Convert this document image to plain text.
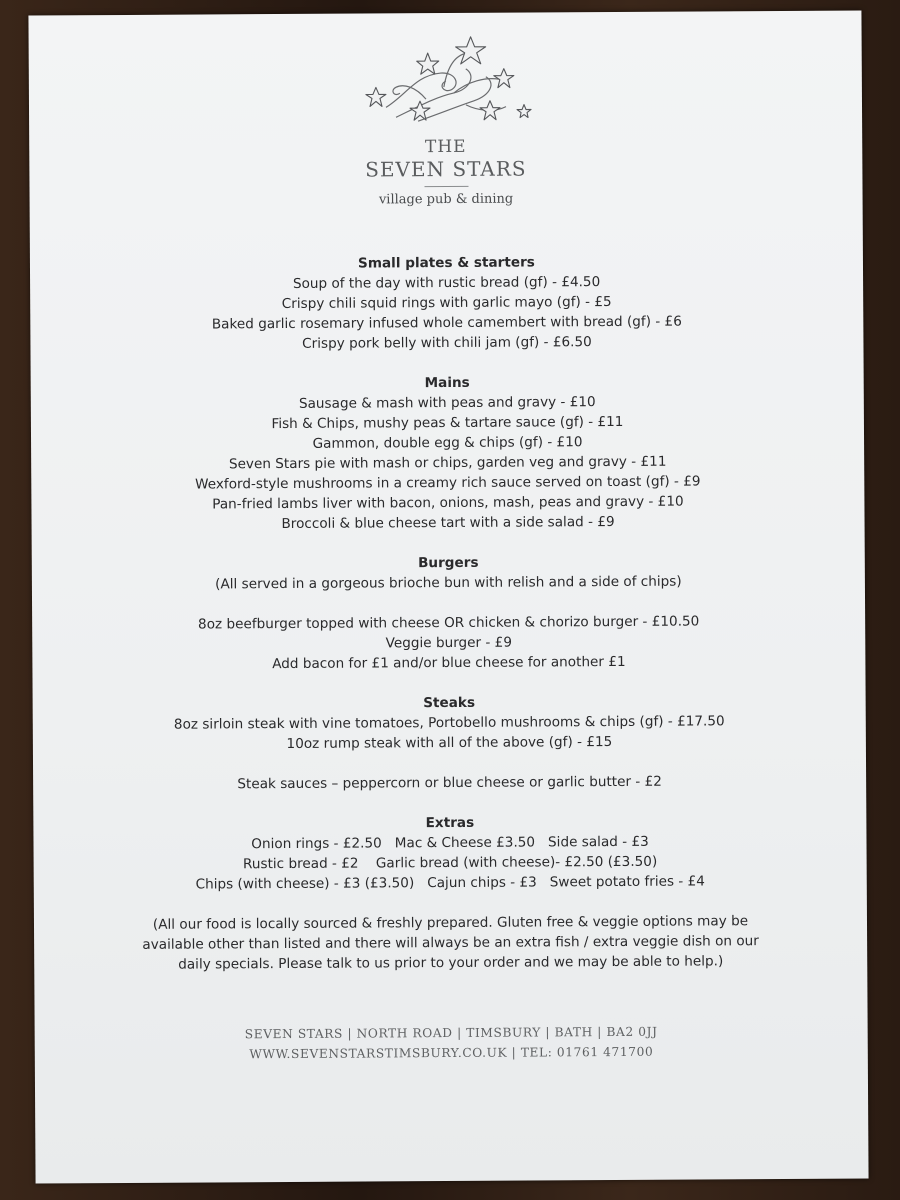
THE
SEVEN STARS
village pub & dining

Small plates & starters

Soup of the day with rustic bread (gf) - £4.50

Crispy chili squid rings with garlic mayo (gf) - £5

Baked garlic rosemary infused whole camembert with bread (gf) - £6

Crispy pork belly with chili jam (gf) - £6.50

Mains

Sausage & mash with peas and gravy - £10

Fish & Chips, mushy peas & tartare sauce (gf) - £11

Gammon, double egg & chips (gf) - £10

Seven Stars pie with mash or chips, garden veg and gravy - £11

Wexford-style mushrooms in a creamy rich sauce served on toast (gf) - £9

Pan-fried lambs liver with bacon, onions, mash, peas and gravy - £10

Broccoli & blue cheese tart with a side salad - £9

Burgers

(All served in a gorgeous brioche bun with relish and a side of chips)

8oz beefburger topped with cheese OR chicken & chorizo burger - £10.50

Veggie burger - £9

Add bacon for £1 and/or blue cheese for another £1

Steaks

8oz sirloin steak with vine tomatoes, Portobello mushrooms & chips (gf) - £17.50

10oz rump steak with all of the above (gf) - £15

Steak sauces – peppercorn or blue cheese or garlic butter - £2

Extras

Onion rings - £2.50 Mac & Cheese £3.50 Side salad - £3

Rustic bread - £2 Garlic bread (with cheese)- £2.50 (£3.50)

Chips (with cheese) - £3 (£3.50) Cajun chips - £3 Sweet potato fries - £4

(All our food is locally sourced & freshly prepared. Gluten free & veggie options may be

available other than listed and there will always be an extra fish / extra veggie dish on our

daily specials. Please talk to us prior to your order and we may be able to help.)

SEVEN STARS | NORTH ROAD | TIMSBURY | BATH | BA2 0JJ
WWW.SEVENSTARSTIMSBURY.CO.UK | TEL: 01761 471700
